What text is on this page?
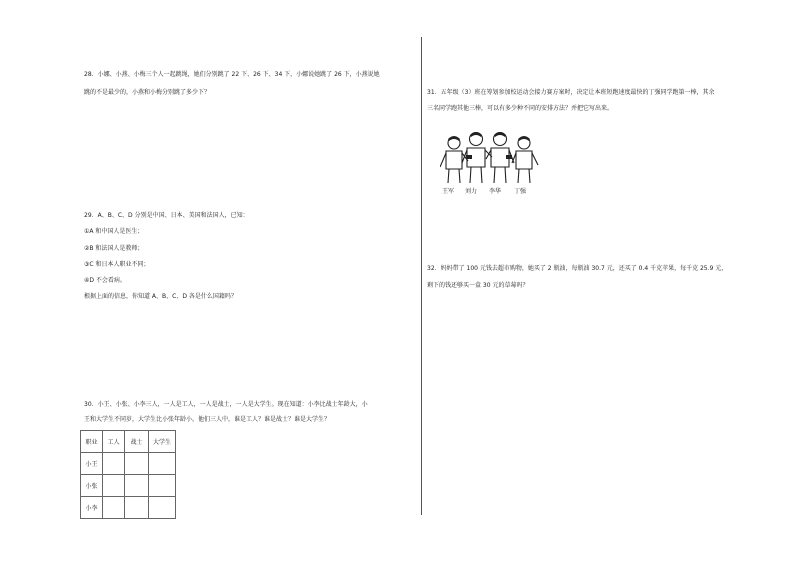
28．小娜、小燕、小梅三个人一起跳绳，她们分别跳了 22 下、26 下、34 下，小娜说她跳了 26 下，小燕说她
跳的不是最少的，小燕和小梅分别跳了多少下？
29．A、B、C、D 分别是中国、日本、美国和法国人，已知：
①A 和中国人是医生；
②B 和法国人是教师；
③C 和日本人职业不同；
④D 不会看病。
根据上面的信息，你知道 A、B、C、D 各是什么国籍吗？
30．小王、小张、小李三人，一人是工人，一人是战士，一人是大学生。现在知道：小李比战士年龄大，小
王和大学生不同岁，大学生比小张年龄小。他们三人中，谁是工人？谁是战士？谁是大学生？
职业	工人	战士	大学生
小王			
小张			
小李			
31．五年级（3）班在筹划参加校运动会接力赛方案时，决定让本班短跑速度最快的丁强同学跑第一棒，其余
三名同学跑其他三棒，可以有多少种不同的安排方法？并把它写出来。
王军 刘力 李华 丁强
32．妈妈带了 100 元钱去超市购物，她买了 2 瓶油，每瓶油 30.7 元，还买了 0.4 千克苹果，每千克 25.9 元，
剩下的钱还够买一盒 30 元的草莓吗？
